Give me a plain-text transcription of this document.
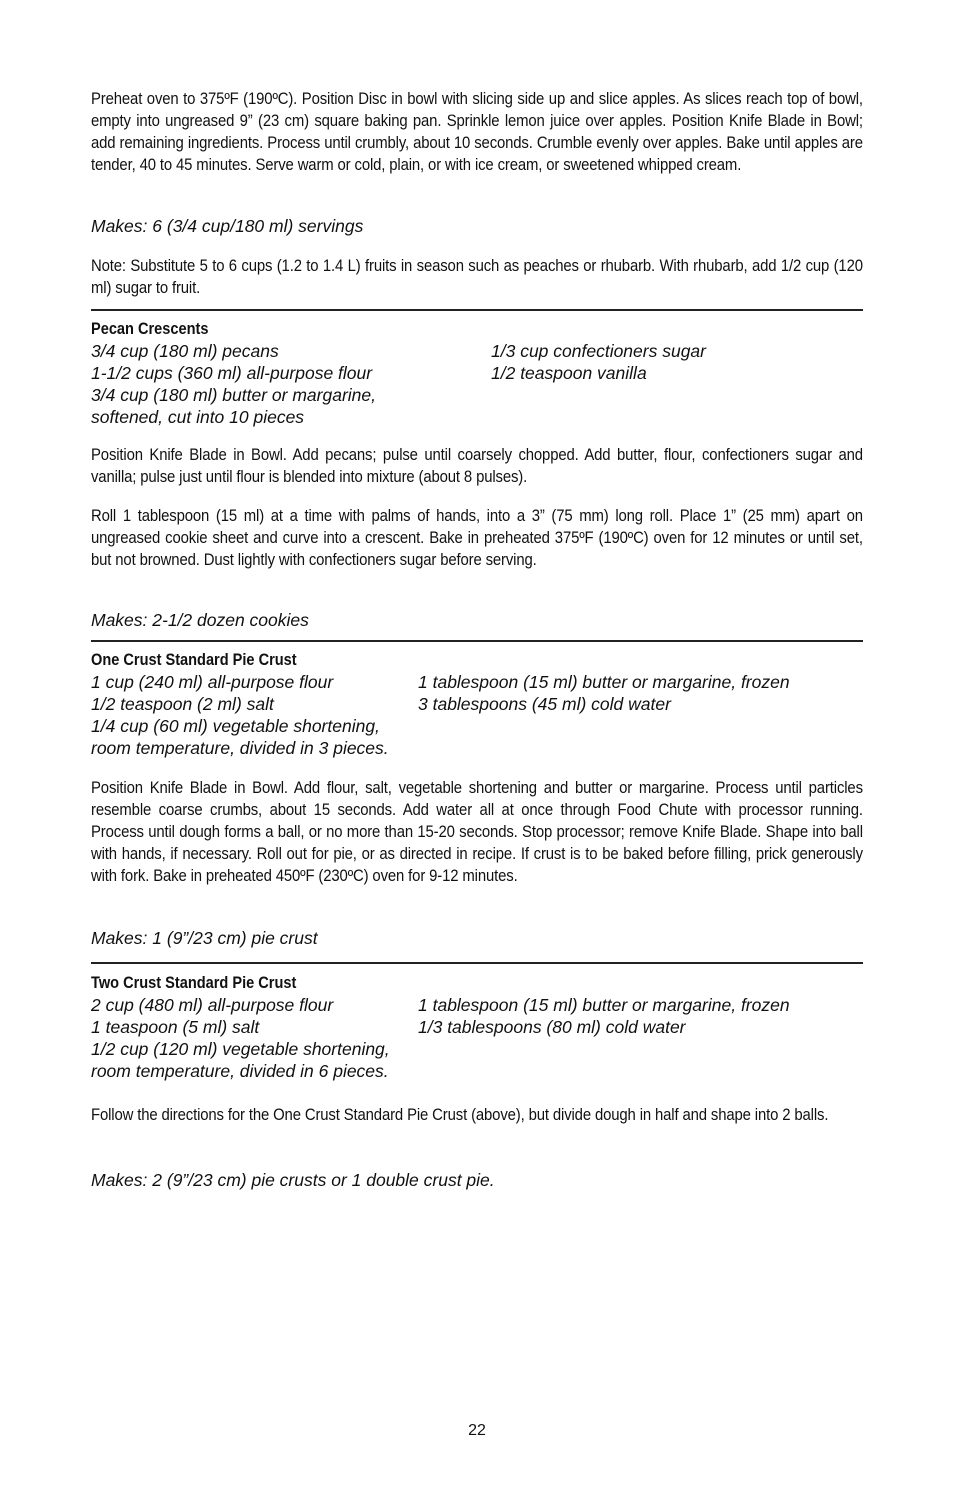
Preheat oven to 375ºF (190ºC). Position Disc in bowl with slicing side up and slice apples. As slices reach top of bowl, empty into ungreased 9” (23 cm) square baking pan. Sprinkle lemon juice over apples. Position Knife Blade in Bowl; add remaining ingredients. Process until crumbly, about 10 seconds. Crumble evenly over apples. Bake until apples are tender, 40 to 45 minutes. Serve warm or cold, plain, or with ice cream, or sweetened whipped cream.

Makes: 6 (3/4 cup/180 ml) servings

Note: Substitute 5 to 6 cups (1.2 to 1.4 L) fruits in season such as peaches or rhubarb. With rhubarb, add 1/2 cup (120 ml) sugar to fruit.

Pecan Crescents
3/4 cup (180 ml) pecans
1-1/2 cups (360 ml) all-purpose flour
3/4 cup (180 ml) butter or margarine,
softened, cut into 10 pieces
1/3 cup confectioners sugar
1/2 teaspoon vanilla

Position Knife Blade in Bowl. Add pecans; pulse until coarsely chopped. Add butter, flour, confectioners sugar and vanilla; pulse just until flour is blended into mixture (about 8 pulses).

Roll 1 tablespoon (15 ml) at a time with palms of hands, into a 3” (75 mm) long roll. Place 1” (25 mm) apart on ungreased cookie sheet and curve into a crescent. Bake in preheated 375ºF (190ºC) oven for 12 minutes or until set, but not browned. Dust lightly with confectioners sugar before serving.

Makes: 2-1/2 dozen cookies

One Crust Standard Pie Crust
1 cup (240 ml) all-purpose flour
1/2 teaspoon (2 ml) salt
1/4 cup (60 ml) vegetable shortening,
room temperature, divided in 3 pieces.
1 tablespoon (15 ml) butter or margarine, frozen
3 tablespoons (45 ml) cold water

Position Knife Blade in Bowl. Add flour, salt, vegetable shortening and butter or margarine. Process until particles resemble coarse crumbs, about 15 seconds. Add water all at once through Food Chute with processor running. Process until dough forms a ball, or no more than 15-20 seconds. Stop processor; remove Knife Blade. Shape into ball with hands, if necessary. Roll out for pie, or as directed in recipe. If crust is to be baked before filling, prick generously with fork. Bake in preheated 450ºF (230ºC) oven for 9-12 minutes.

Makes: 1 (9”/23 cm) pie crust

Two Crust Standard Pie Crust
2 cup (480 ml) all-purpose flour
1 teaspoon (5 ml) salt
1/2 cup (120 ml) vegetable shortening,
room temperature, divided in 6 pieces.
1 tablespoon (15 ml) butter or margarine, frozen
1/3 tablespoons (80 ml) cold water

Follow the directions for the One Crust Standard Pie Crust (above), but divide dough in half and shape into 2 balls.

Makes: 2 (9”/23 cm) pie crusts or 1 double crust pie.

22
